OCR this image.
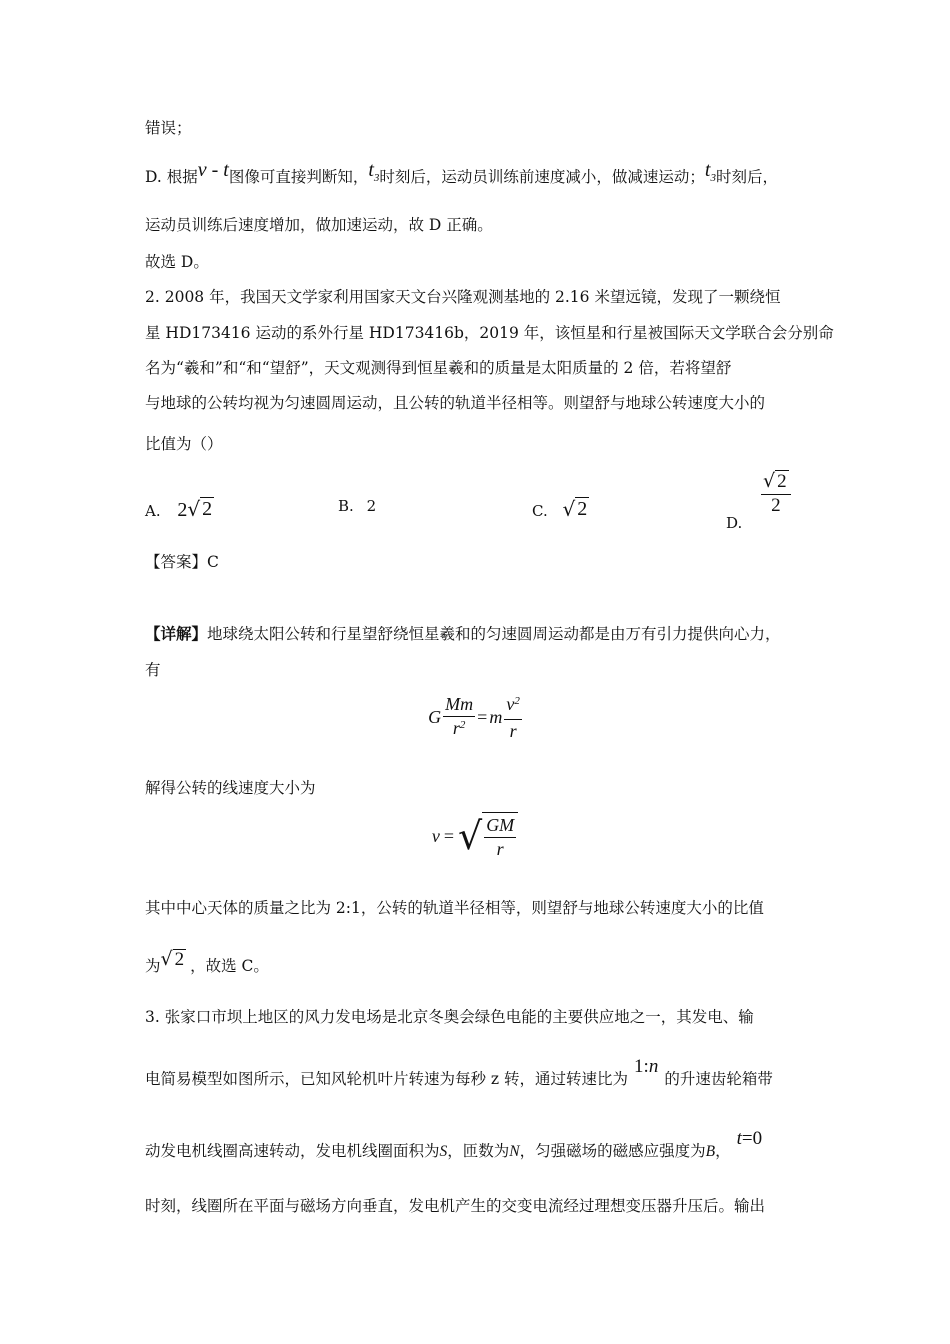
错误；
D. 根据v - t图像可直接判断知，$t_3$时刻后，运动员训练前速度减小，做减速运动；$t_3$时刻后，
运动员训练后速度增加，做加速运动，故 D 正确。
故选 D。
2. 2008 年，我国天文学家利用国家天文台兴隆观测基地的 2.16 米望远镜，发现了一颗绕恒
星 HD173416 运动的系外行星 HD173416b，2019 年，该恒星和行星被国际天文学联合会分别命
名为“羲和”和“和“望舒”，天文观测得到恒星羲和的质量是太阳质量的 2 倍，若将望舒
与地球的公转均视为匀速圆周运动，且公转的轨道半径相等。则望舒与地球公转速度大小的
比值为（）
A. 2 √ 2	B. 2	C. √ 2
D.
$\frac{√ 2}{2}$
【答案】C
【详解】地球绕太阳公转和行星望舒绕恒星羲和的匀速圆周运动都是由万有引力提供向心力，
有
G $\frac{Mm}{r^2} = m \frac{v^2}{r}$
解得公转的线速度大小为
v = √ $\frac{GM}{r}$
其中中心天体的质量之比为 2:1，公转的轨道半径相等，则望舒与地球公转速度大小的比值
为 √ 2 ，故选 C。
3. 张家口市坝上地区的风力发电场是北京冬奥会绿色电能的主要供应地之一，其发电、输
电简易模型如图所示，已知风轮机叶片转速为每秒 z 转，通过转速比为1:n的升速齿轮箱带
动发电机线圈高速转动，发电机线圈面积为S，匝数为N，匀强磁场的磁感应强度为B，t=0
时刻，线圈所在平面与磁场方向垂直，发电机产生的交变电流经过理想变压器升压后。输出
